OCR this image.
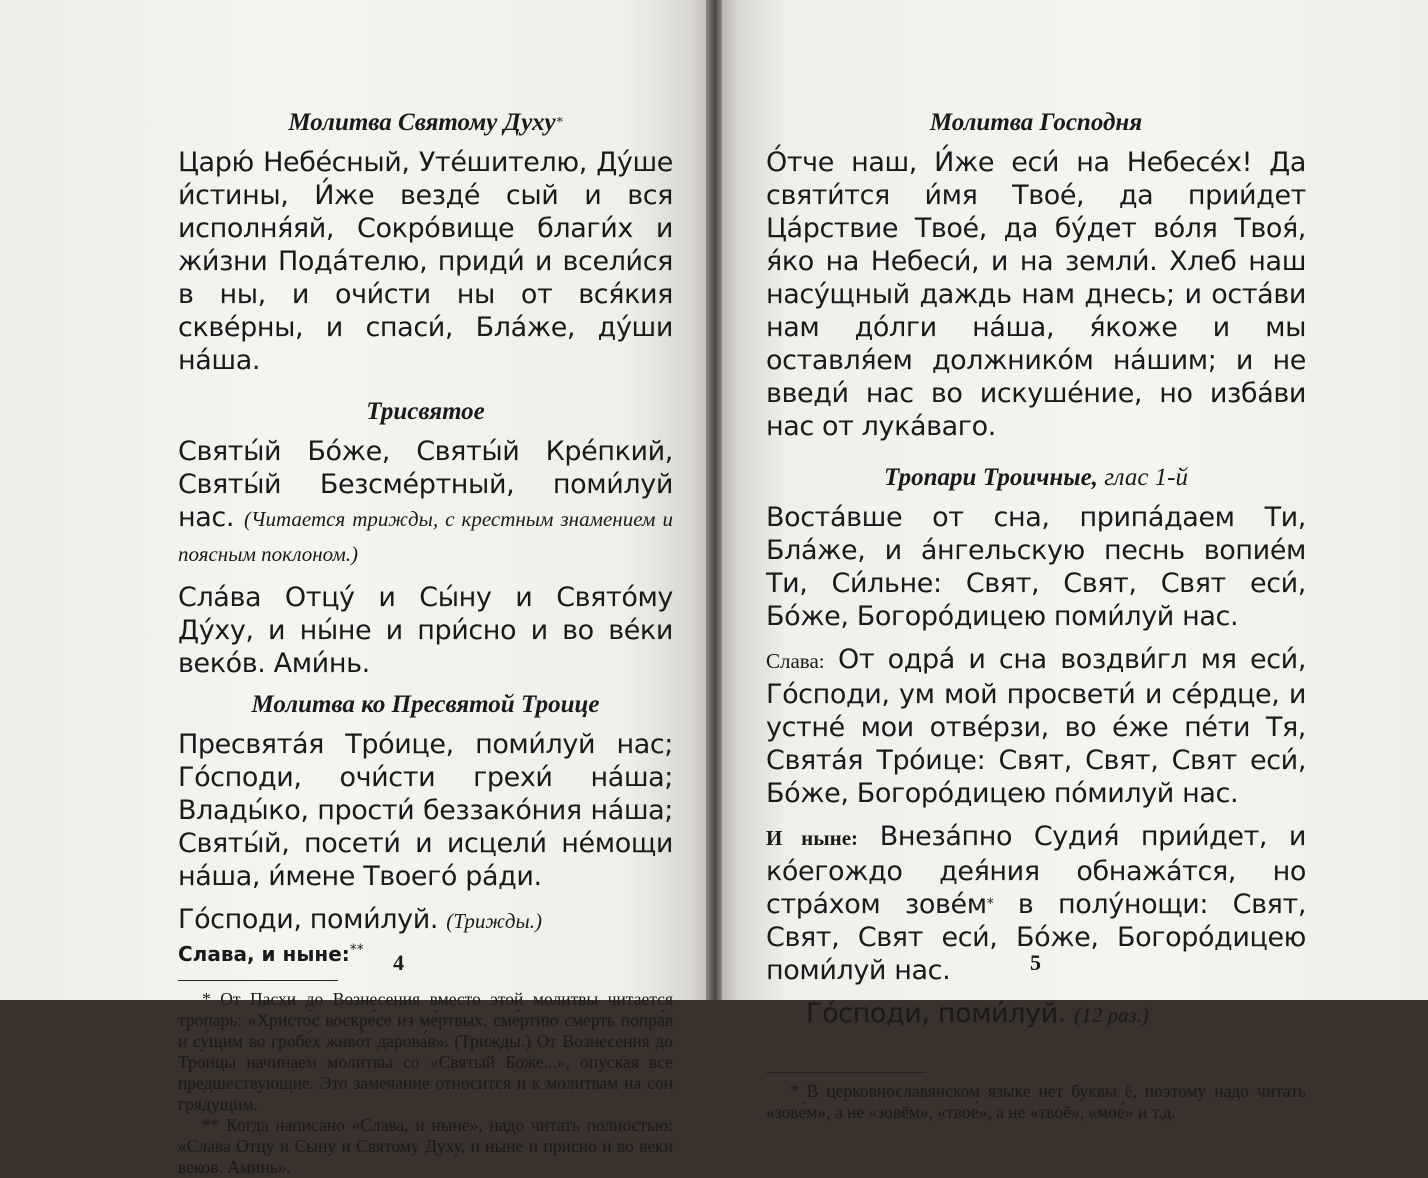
Молитва Святому Духу*

Царю́ Небе́сный, Уте́шителю, Ду́ше и́стины, И́же везде́ сый и вся исполня́яй, Сокро́вище благи́х и жи́зни Пода́телю, приди́ и всели́ся в ны, и очи́сти ны от вся́кия скве́рны, и спаси́, Бла́же, ду́ши на́ша.

Трисвятое

Святы́й Бо́же, Святы́й Кре́пкий, Святы́й Безсме́ртный, поми́луй нас. (Читается трижды, с крестным знамением и поясным поклоном.)

Сла́ва Отцу́ и Сы́ну и Свято́му Ду́ху, и ны́не и при́сно и во ве́ки веко́в. Ами́нь.

Молитва ко Пресвятой Троице

Пресвята́я Тро́ице, поми́луй нас; Го́споди, очи́сти грехи́ на́ша; Влады́ко, прости́ беззако́ния на́ша; Святы́й, посети́ и исцели́ не́мощи на́ша, и́мене Твоего́ ра́ди.

Го́споди, поми́луй. (Трижды.)

Слава, и ныне:**

* От Пасхи до Вознесения вместо этой молитвы читается тропарь: «Христо́с воскре́се из ме́ртвых, сме́ртию смерть попра́в и су́щим во гробе́х живо́т дарова́в». (Трижды.) От Вознесения до Троицы начинаем молитвы со «Святый Боже...», опуская все предшествующие. Это замечание относится и к молитвам на сон грядущим.

** Когда написано «Слава, и ныне», надо читать полностью: «Слава Отцу и Сыну и Святому Духу, и ныне и присно и во веки веков. Аминь».

4
Молитва Господня

О́тче наш, И́же еси́ на Небесе́х! Да святи́тся и́мя Твое́, да прии́дет Ца́рствие Твое́, да бу́дет во́ля Твоя́, я́ко на Небеси́, и на земли́. Хлеб наш насу́щный даждь нам днесь; и оста́ви нам до́лги на́ша, я́коже и мы оставля́ем должнико́м на́шим; и не введи́ нас во искуше́ние, но изба́ви нас от лука́ваго.

Тропари Троичные, глас 1-й

Воста́вше от сна, припа́даем Ти, Бла́же, и а́нгельскую песнь вопие́м Ти, Си́льне: Свят, Свят, Свят еси́, Бо́же, Богоро́дицею поми́луй нас.

Слава: От одра́ и сна воздви́гл мя еси́, Го́споди, ум мой просвети́ и се́рдце, и устне́ мои отве́рзи, во е́же пе́ти Тя, Свята́я Тро́ице: Свят, Свят, Свят еси́, Бо́же, Богоро́дицею по́милуй нас.

И ныне: Внеза́пно Судия́ прии́дет, и ко́егождо дея́ния обнажа́тся, но стра́хом зове́м* в полу́нощи: Свят, Свят, Свят еси́, Бо́же, Богоро́дицею поми́луй нас.

Го́споди, поми́луй. (12 раз.)

* В церковнославянском языке нет буквы ё, поэтому надо читать «зове́м», а не «зовём», «твое́», а не «твоё», «мое́» и т.д.

5
